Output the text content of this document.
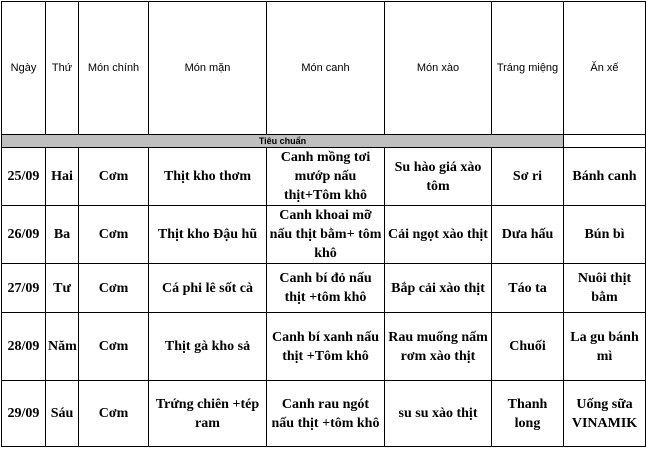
Ngày	Thứ	Món chính	Món mặn	Món canh	Món xào	Tráng miệng	Ăn xế
Tiêu chuẩn							
25/09	Hai	Cơm	Thịt kho thơm	Canh mồng tơi mướp nấu thịt+Tôm khô	Su hào giá xào tôm	Sơ ri	Bánh canh
26/09	Ba	Cơm	Thịt kho Đậu hũ	Canh khoai mỡ nấu thịt bằm+ tôm khô	Cải ngọt xào thịt	Dưa hấu	Bún bì
27/09	Tư	Cơm	Cá phi lê sốt cà	Canh bí đỏ nấu thịt +tôm khô	Bắp cải xào thịt	Táo ta	Nuôi thịt bằm
28/09	Năm	Cơm	Thịt gà kho sả	Canh bí xanh nấu thịt +Tôm khô	Rau muống nấm rơm xào thịt	Chuối	La gu bánh mì
29/09	Sáu	Cơm	Trứng chiên +tép ram	Canh rau ngót nấu thịt +tôm khô	su su xào thịt	Thanh long	Uống sữa VINAMIK
